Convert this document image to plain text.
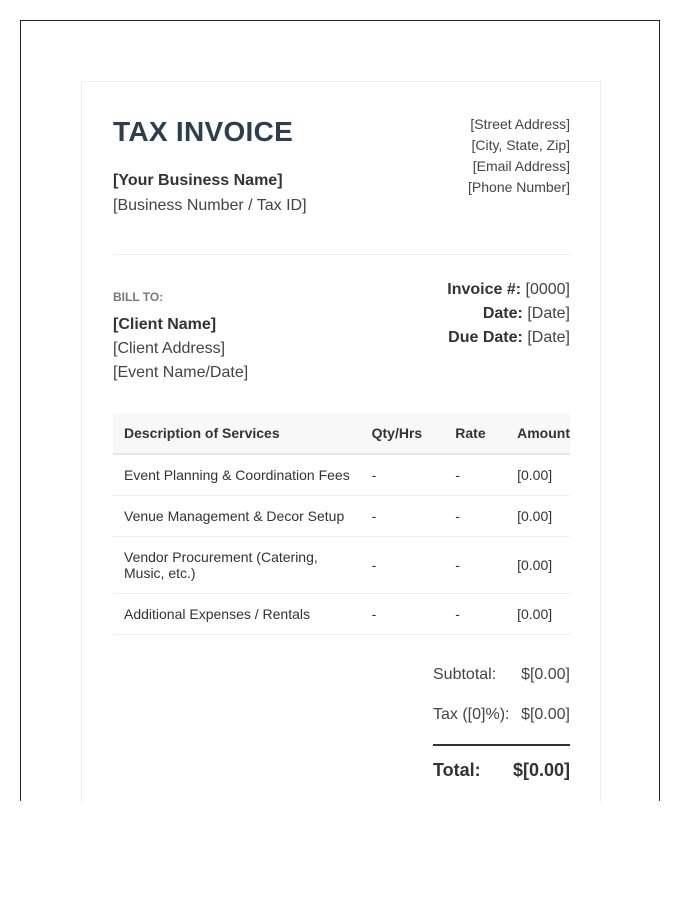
TAX INVOICE
[Your Business Name]
[Business Number / Tax ID]
[Street Address]
[City, State, Zip]
[Email Address]
[Phone Number]
BILL TO:
[Client Name]
[Client Address]
[Event Name/Date]
Invoice #: [0000]
Date: [Date]
Due Date: [Date]
Description of Services	Qty/Hrs	Rate	Amount
Event Planning & Coordination Fees	-	-	[0.00]
Venue Management & Decor Setup	-	-	[0.00]
Vendor Procurement (Catering, Music, etc.)	-	-	[0.00]
Additional Expenses / Rentals	-	-	[0.00]
Subtotal: $[0.00]
Tax ([0]%): $[0.00]
Total: $[0.00]
